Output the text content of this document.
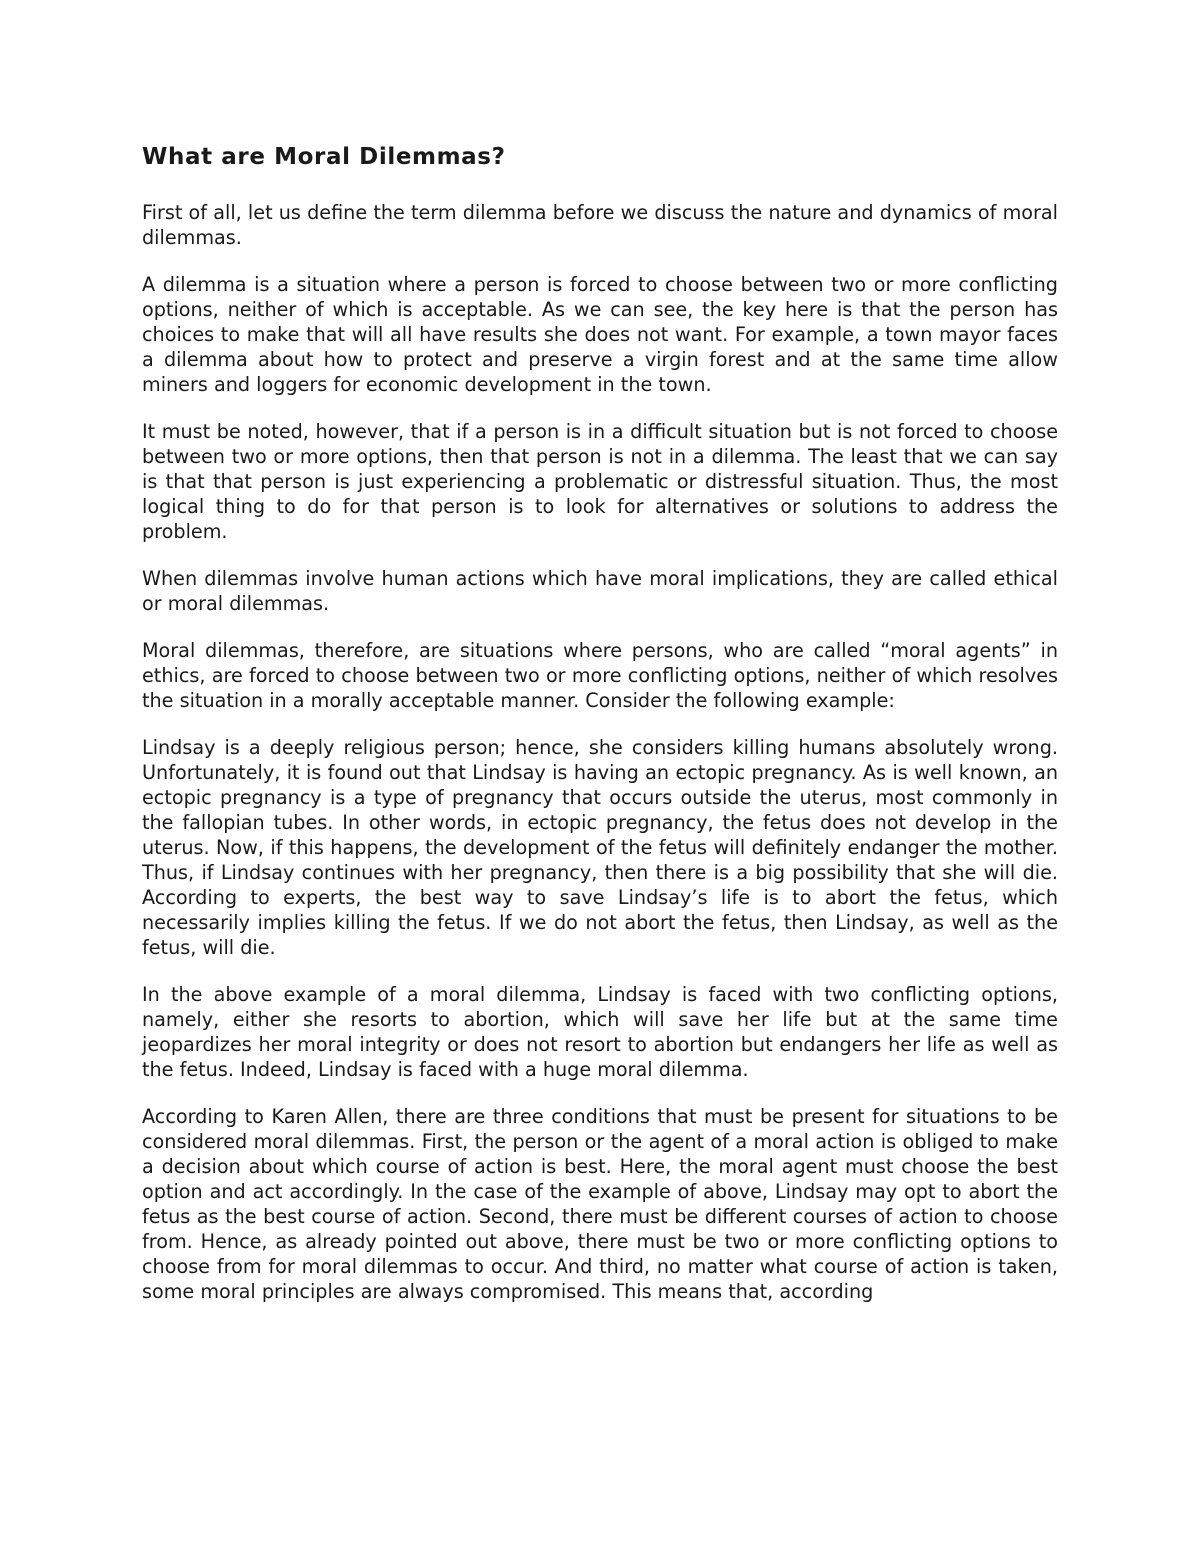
What are Moral Dilemmas?

First of all, let us define the term dilemma before we discuss the nature and dynamics of moral dilemmas.

A dilemma is a situation where a person is forced to choose between two or more conflicting options, neither of which is acceptable. As we can see, the key here is that the person has choices to make that will all have results she does not want. For example, a town mayor faces a dilemma about how to protect and preserve a virgin forest and at the same time allow miners and loggers for economic development in the town.

It must be noted, however, that if a person is in a difficult situation but is not forced to choose between two or more options, then that person is not in a dilemma. The least that we can say is that that person is just experiencing a problematic or distressful situation. Thus, the most logical thing to do for that person is to look for alternatives or solutions to address the problem.

When dilemmas involve human actions which have moral implications, they are called ethical or moral dilemmas.

Moral dilemmas, therefore, are situations where persons, who are called “moral agents” in ethics, are forced to choose between two or more conflicting options, neither of which resolves the situation in a morally acceptable manner. Consider the following example:

Lindsay is a deeply religious person; hence, she considers killing humans absolutely wrong. Unfortunately, it is found out that Lindsay is having an ectopic pregnancy. As is well known, an ectopic pregnancy is a type of pregnancy that occurs outside the uterus, most commonly in the fallopian tubes. In other words, in ectopic pregnancy, the fetus does not develop in the uterus. Now, if this happens, the development of the fetus will definitely endanger the mother. Thus, if Lindsay continues with her pregnancy, then there is a big possibility that she will die. According to experts, the best way to save Lindsay’s life is to abort the fetus, which necessarily implies killing the fetus. If we do not abort the fetus, then Lindsay, as well as the fetus, will die.

In the above example of a moral dilemma, Lindsay is faced with two conflicting options, namely, either she resorts to abortion, which will save her life but at the same time jeopardizes her moral integrity or does not resort to abortion but endangers her life as well as the fetus. Indeed, Lindsay is faced with a huge moral dilemma.

According to Karen Allen, there are three conditions that must be present for situations to be considered moral dilemmas. First, the person or the agent of a moral action is obliged to make a decision about which course of action is best. Here, the moral agent must choose the best option and act accordingly. In the case of the example of above, Lindsay may opt to abort the fetus as the best course of action. Second, there must be different courses of action to choose from. Hence, as already pointed out above, there must be two or more conflicting options to choose from for moral dilemmas to occur. And third, no matter what course of action is taken, some moral principles are always compromised. This means that, according
